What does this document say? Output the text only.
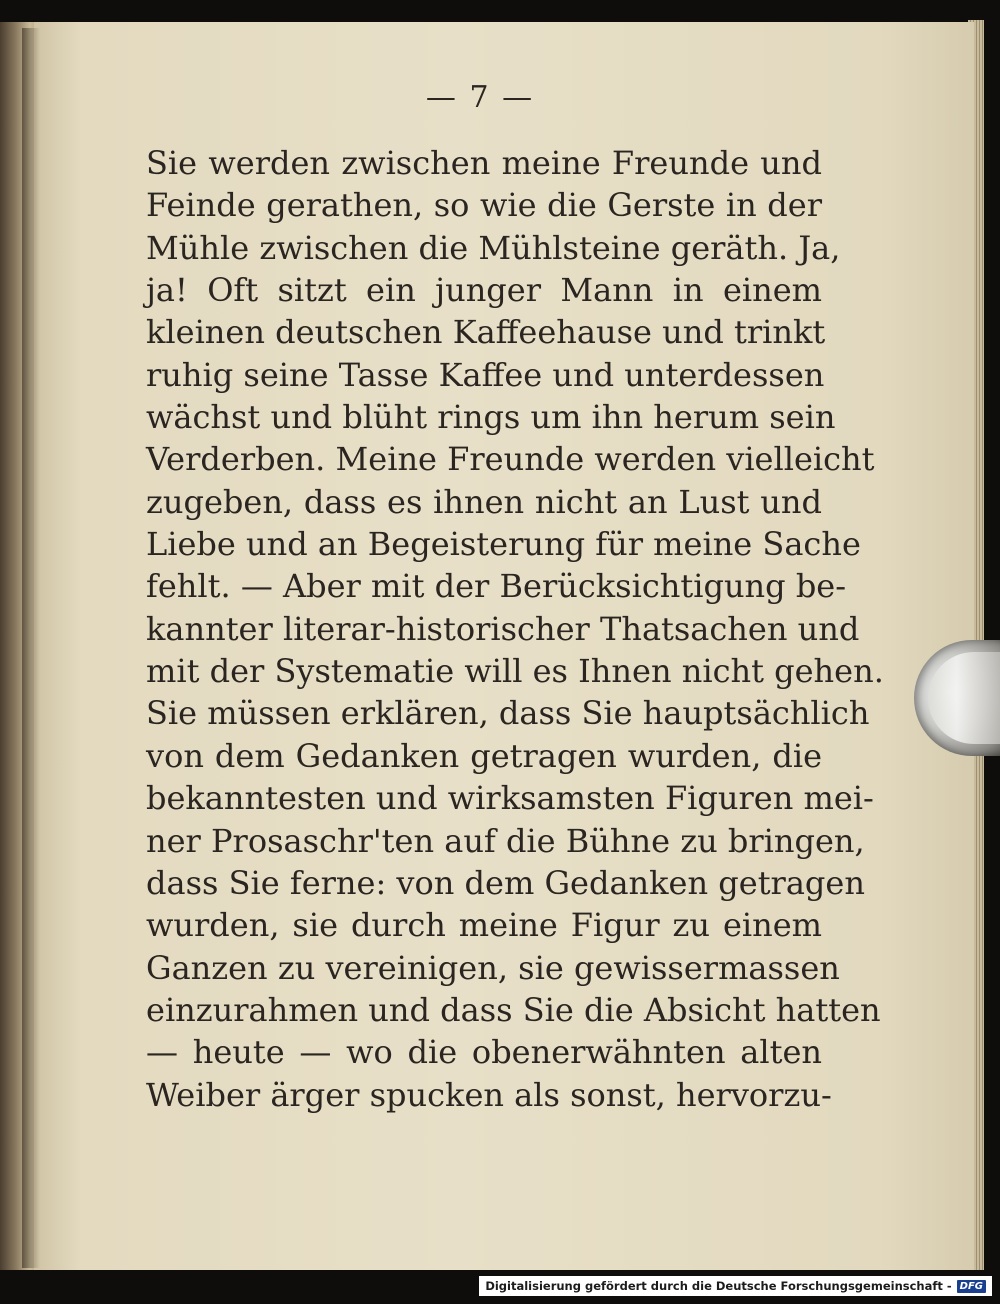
— 7 —
Sie werden zwischen meine Freunde und
Feinde gerathen, so wie die Gerste in der
Mühle zwischen die Mühlsteine geräth. Ja,
ja! Oft sitzt ein junger Mann in einem
kleinen deutschen Kaffeehause und trinkt
ruhig seine Tasse Kaffee und unterdessen
wächst und blüht rings um ihn herum sein
Verderben. Meine Freunde werden vielleicht
zugeben, dass es ihnen nicht an Lust und
Liebe und an Begeisterung für meine Sache
fehlt. — Aber mit der Berücksichtigung be-
kannter literar-historischer Thatsachen und
mit der Systematie will es Ihnen nicht gehen.
Sie müssen erklären, dass Sie hauptsächlich
von dem Gedanken getragen wurden, die
bekanntesten und wirksamsten Figuren mei-
ner Prosaschr'ten auf die Bühne zu bringen,
dass Sie ferne: von dem Gedanken getragen
wurden, sie durch meine Figur zu einem
Ganzen zu vereinigen, sie gewissermassen
einzurahmen und dass Sie die Absicht hatten
— heute — wo die obenerwähnten alten
Weiber ärger spucken als sonst, hervorzu-
Digitalisierung gefördert durch die Deutsche Forschungsgemeinschaft - DFG
